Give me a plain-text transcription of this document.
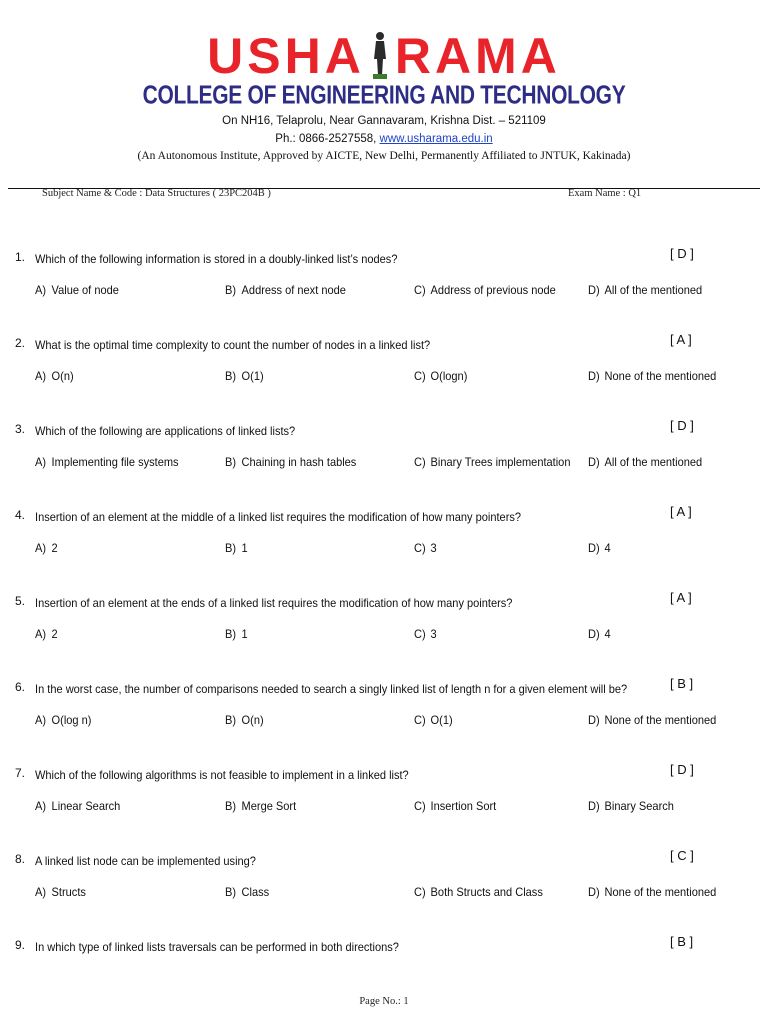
USHA RAMA
COLLEGE OF ENGINEERING AND TECHNOLOGY
On NH16, Telaprolu, Near Gannavaram, Krishna Dist. – 521109
Ph.: 0866-2527558, www.usharama.edu.in
(An Autonomous Institute, Approved by AICTE, New Delhi, Permanently Affiliated to JNTUK, Kakinada)
Subject Name & Code : Data Structures ( 23PC204B )	Exam Name : Q1
1. Which of the following information is stored in a doubly-linked list’s nodes?	[ D ]
A) Value of node	B) Address of next node	C) Address of previous node	D) All of the mentioned
2. What is the optimal time complexity to count the number of nodes in a linked list?	[ A ]
A) O(n)	B) O(1)	C) O(logn)	D) None of the mentioned
3. Which of the following are applications of linked lists?	[ D ]
A) Implementing file systems	B) Chaining in hash tables	C) Binary Trees implementation D) All of the mentioned
4. Insertion of an element at the middle of a linked list requires the modification of how many pointers?	[ A ]
A) 2	B) 1	C) 3	D) 4
5. Insertion of an element at the ends of a linked list requires the modification of how many pointers?	[ A ]
A) 2	B) 1	C) 3	D) 4
6. In the worst case, the number of comparisons needed to search a singly linked list of length n for a given element will be?	[ B ]
A) O(log n)	B) O(n)	C) O(1)	D) None of the mentioned
7. Which of the following algorithms is not feasible to implement in a linked list?	[ D ]
A) Linear Search	B) Merge Sort	C) Insertion Sort	D) Binary Search
8. A linked list node can be implemented using?	[ C ]
A) Structs	B) Class	C) Both Structs and Class	D) None of the mentioned
9. In which type of linked lists traversals can be performed in both directions?	[ B ]
Page No.: 1
